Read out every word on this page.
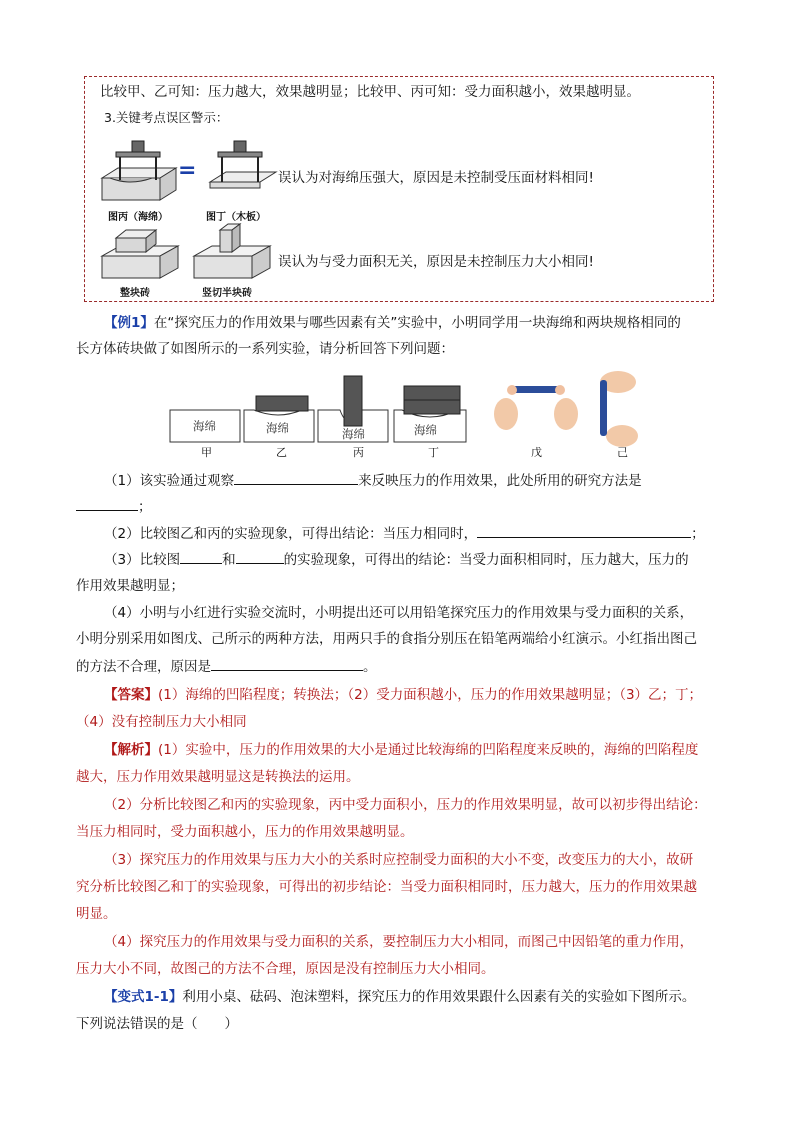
比较甲、乙可知：压力越大，效果越明显；比较甲、丙可知：受力面积越小，效果越明显。
3.关键考点误区警示：
=
图丙（海绵）	图丁（木板）
误认为对海绵压强大，原因是未控制受压面材料相同!
整块砖	竖切半块砖
误认为与受力面积无关，原因是未控制压力大小相同!
【例1】在“探究压力的作用效果与哪些因素有关”实验中，小明同学用一块海绵和两块规格相同的
长方体砖块做了如图所示的一系列实验，请分析回答下列问题：
海绵	海绵	海绵	海绵
甲	乙	丙	丁	戊	己
（1）该实验通过观察	来反映压力的作用效果，此处所用的研究方法是
；
（2）比较图乙和丙的实验现象，可得出结论：当压力相同时，	；
（3）比较图	和	的实验现象，可得出的结论：当受力面积相同时，压力越大，压力的
作用效果越明显；
（4）小明与小红进行实验交流时，小明提出还可以用铅笔探究压力的作用效果与受力面积的关系，
小明分别采用如图戊、己所示的两种方法，用两只手的食指分别压在铅笔两端给小红演示。小红指出图己
的方法不合理，原因是	。
【答案】(1）海绵的凹陷程度；转换法；（2）受力面积越小，压力的作用效果越明显；（3）乙；丁；
（4）没有控制压力大小相同
【解析】(1）实验中，压力的作用效果的大小是通过比较海绵的凹陷程度来反映的，海绵的凹陷程度
越大，压力作用效果越明显这是转换法的运用。
（2）分析比较图乙和丙的实验现象，丙中受力面积小，压力的作用效果明显，故可以初步得出结论：
当压力相同时，受力面积越小，压力的作用效果越明显。
（3）探究压力的作用效果与压力大小的关系时应控制受力面积的大小不变，改变压力的大小，故研
究分析比较图乙和丁的实验现象，可得出的初步结论：当受力面积相同时，压力越大，压力的作用效果越
明显。
（4）探究压力的作用效果与受力面积的关系，要控制压力大小相同，而图己中因铅笔的重力作用，
压力大小不同，故图己的方法不合理，原因是没有控制压力大小相同。
【变式1-1】利用小桌、砝码、泡沫塑料，探究压力的作用效果跟什么因素有关的实验如下图所示。
下列说法错误的是（　　）
